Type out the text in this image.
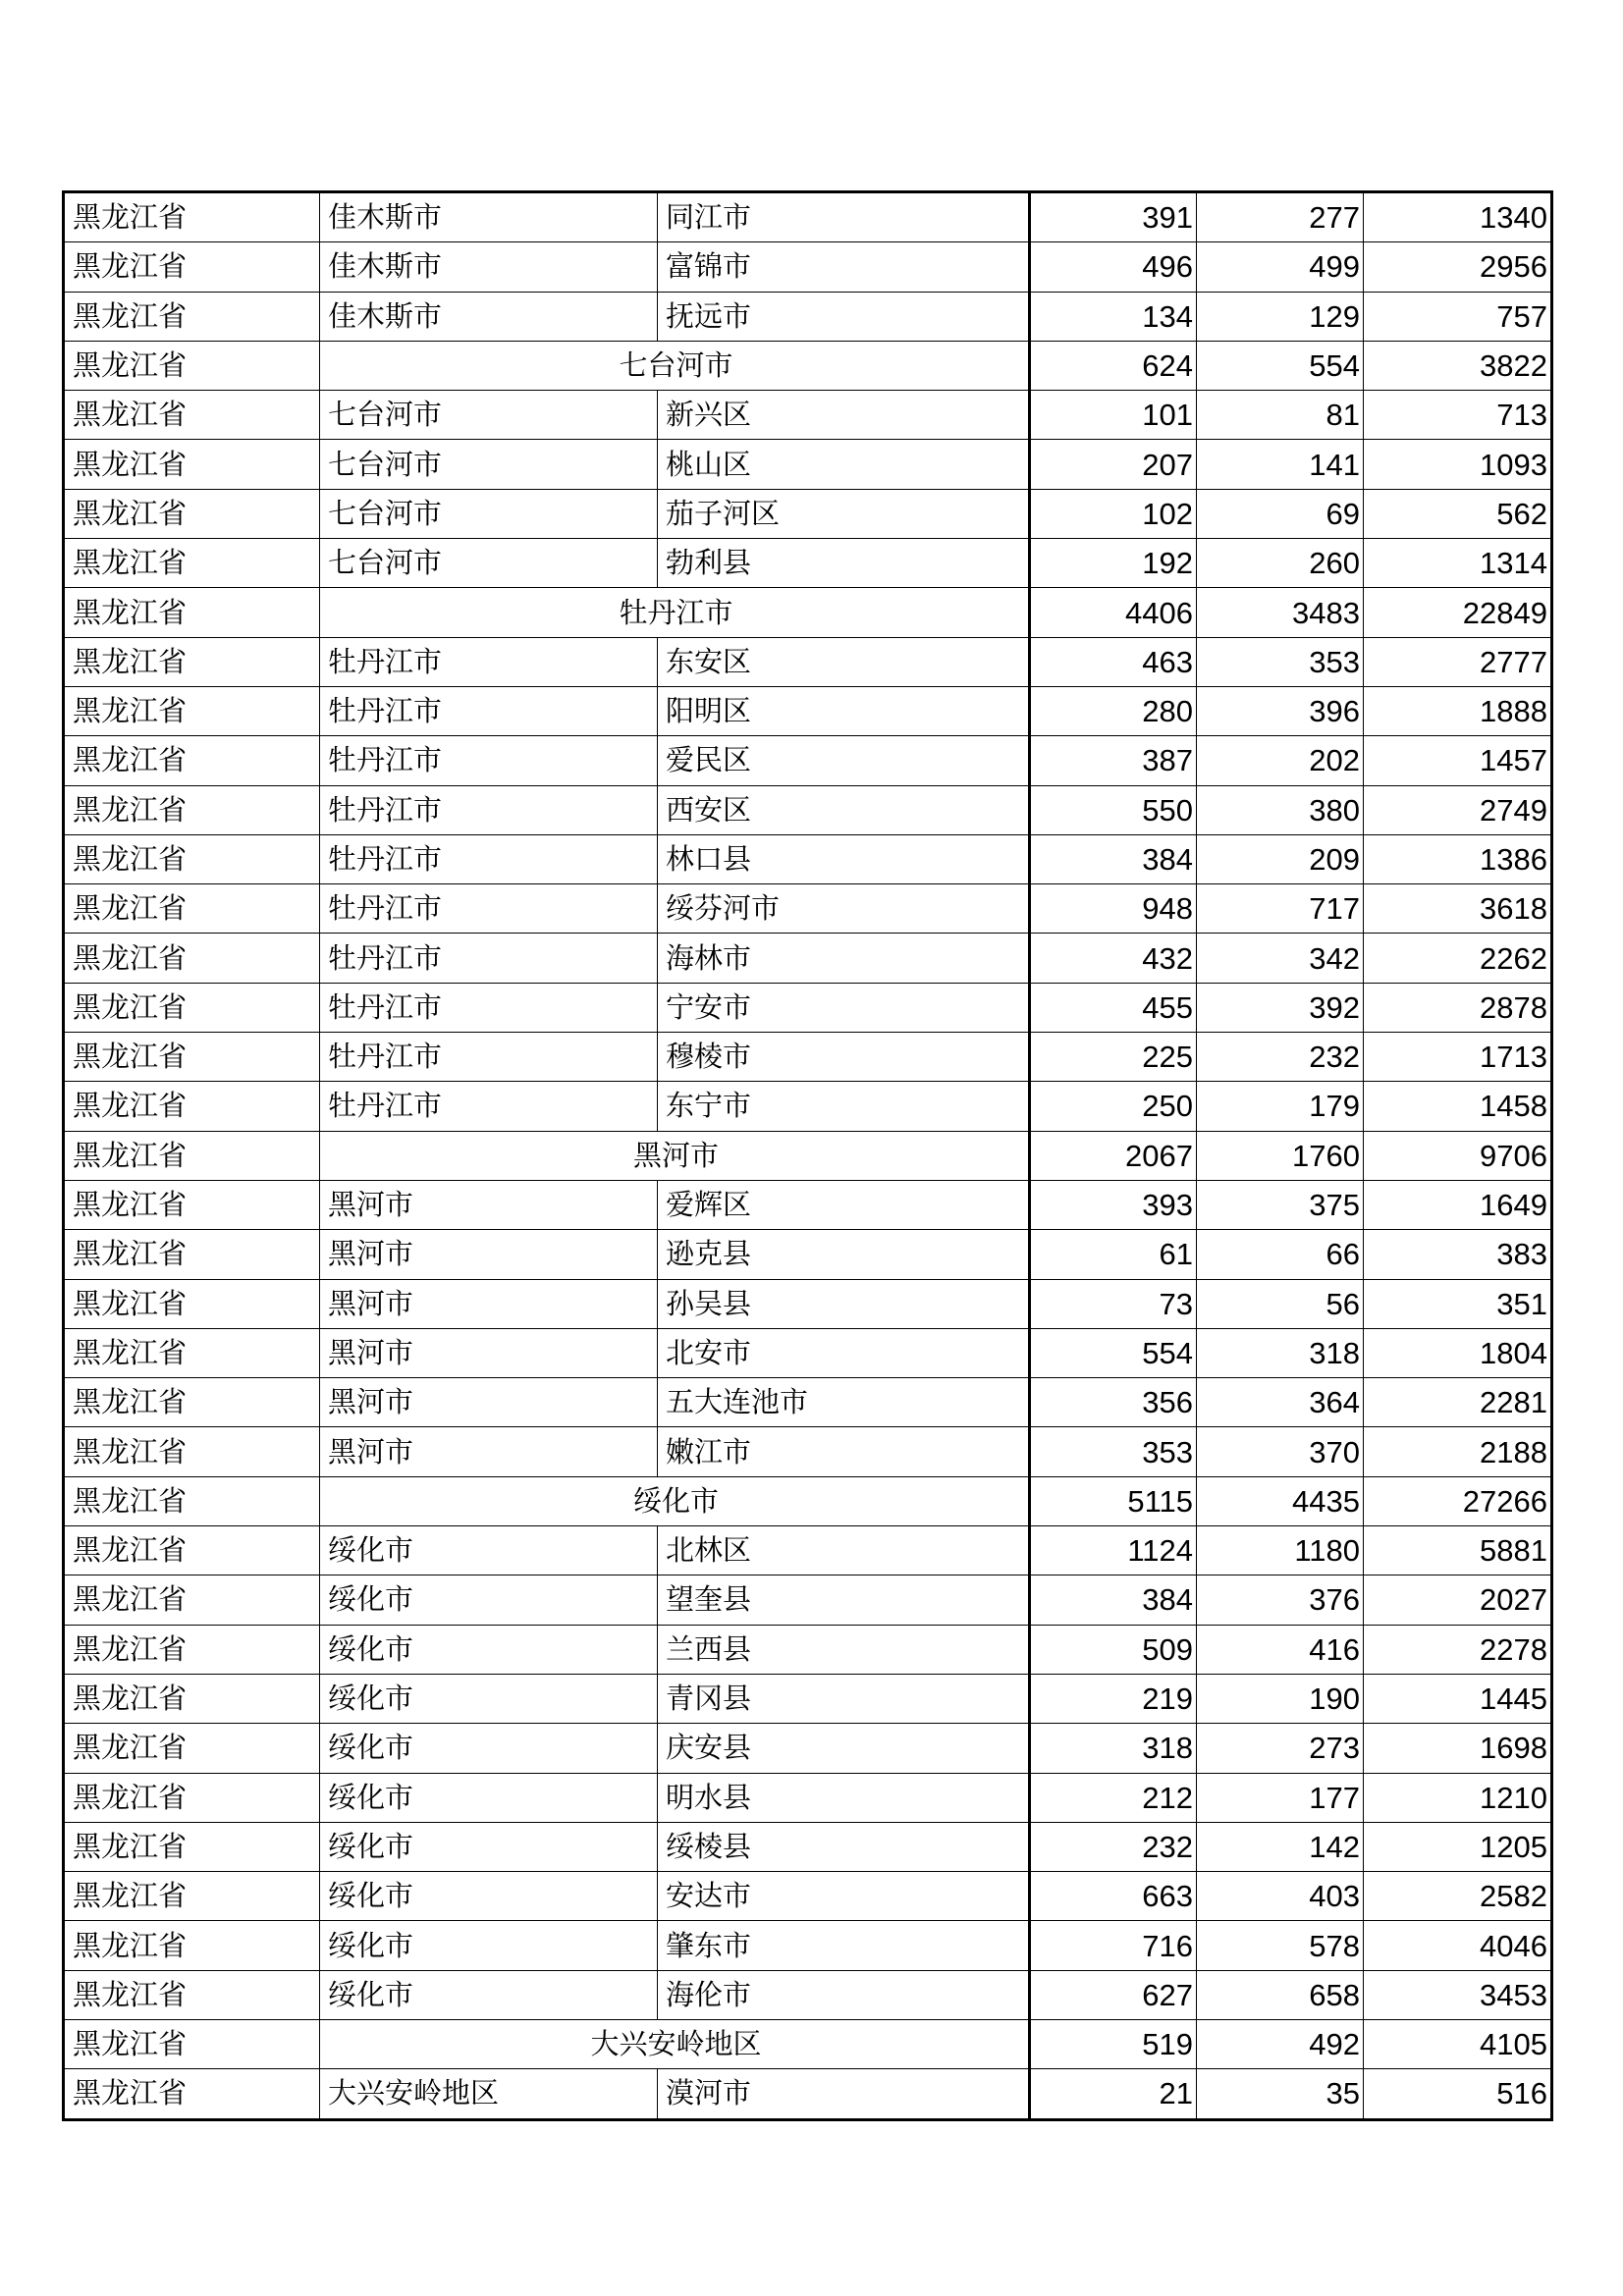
黑龙江省	佳木斯市	同江市	391	277	1340
黑龙江省	佳木斯市	富锦市	496	499	2956
黑龙江省	佳木斯市	抚远市	134	129	757
黑龙江省	七台河市		624	554	3822
黑龙江省	七台河市	新兴区	101	81	713
黑龙江省	七台河市	桃山区	207	141	1093
黑龙江省	七台河市	茄子河区	102	69	562
黑龙江省	七台河市	勃利县	192	260	1314
黑龙江省	牡丹江市		4406	3483	22849
黑龙江省	牡丹江市	东安区	463	353	2777
黑龙江省	牡丹江市	阳明区	280	396	1888
黑龙江省	牡丹江市	爱民区	387	202	1457
黑龙江省	牡丹江市	西安区	550	380	2749
黑龙江省	牡丹江市	林口县	384	209	1386
黑龙江省	牡丹江市	绥芬河市	948	717	3618
黑龙江省	牡丹江市	海林市	432	342	2262
黑龙江省	牡丹江市	宁安市	455	392	2878
黑龙江省	牡丹江市	穆棱市	225	232	1713
黑龙江省	牡丹江市	东宁市	250	179	1458
黑龙江省	黑河市		2067	1760	9706
黑龙江省	黑河市	爱辉区	393	375	1649
黑龙江省	黑河市	逊克县	61	66	383
黑龙江省	黑河市	孙吴县	73	56	351
黑龙江省	黑河市	北安市	554	318	1804
黑龙江省	黑河市	五大连池市	356	364	2281
黑龙江省	黑河市	嫩江市	353	370	2188
黑龙江省	绥化市		5115	4435	27266
黑龙江省	绥化市	北林区	1124	1180	5881
黑龙江省	绥化市	望奎县	384	376	2027
黑龙江省	绥化市	兰西县	509	416	2278
黑龙江省	绥化市	青冈县	219	190	1445
黑龙江省	绥化市	庆安县	318	273	1698
黑龙江省	绥化市	明水县	212	177	1210
黑龙江省	绥化市	绥棱县	232	142	1205
黑龙江省	绥化市	安达市	663	403	2582
黑龙江省	绥化市	肇东市	716	578	4046
黑龙江省	绥化市	海伦市	627	658	3453
黑龙江省	大兴安岭地区		519	492	4105
黑龙江省	大兴安岭地区	漠河市	21	35	516
